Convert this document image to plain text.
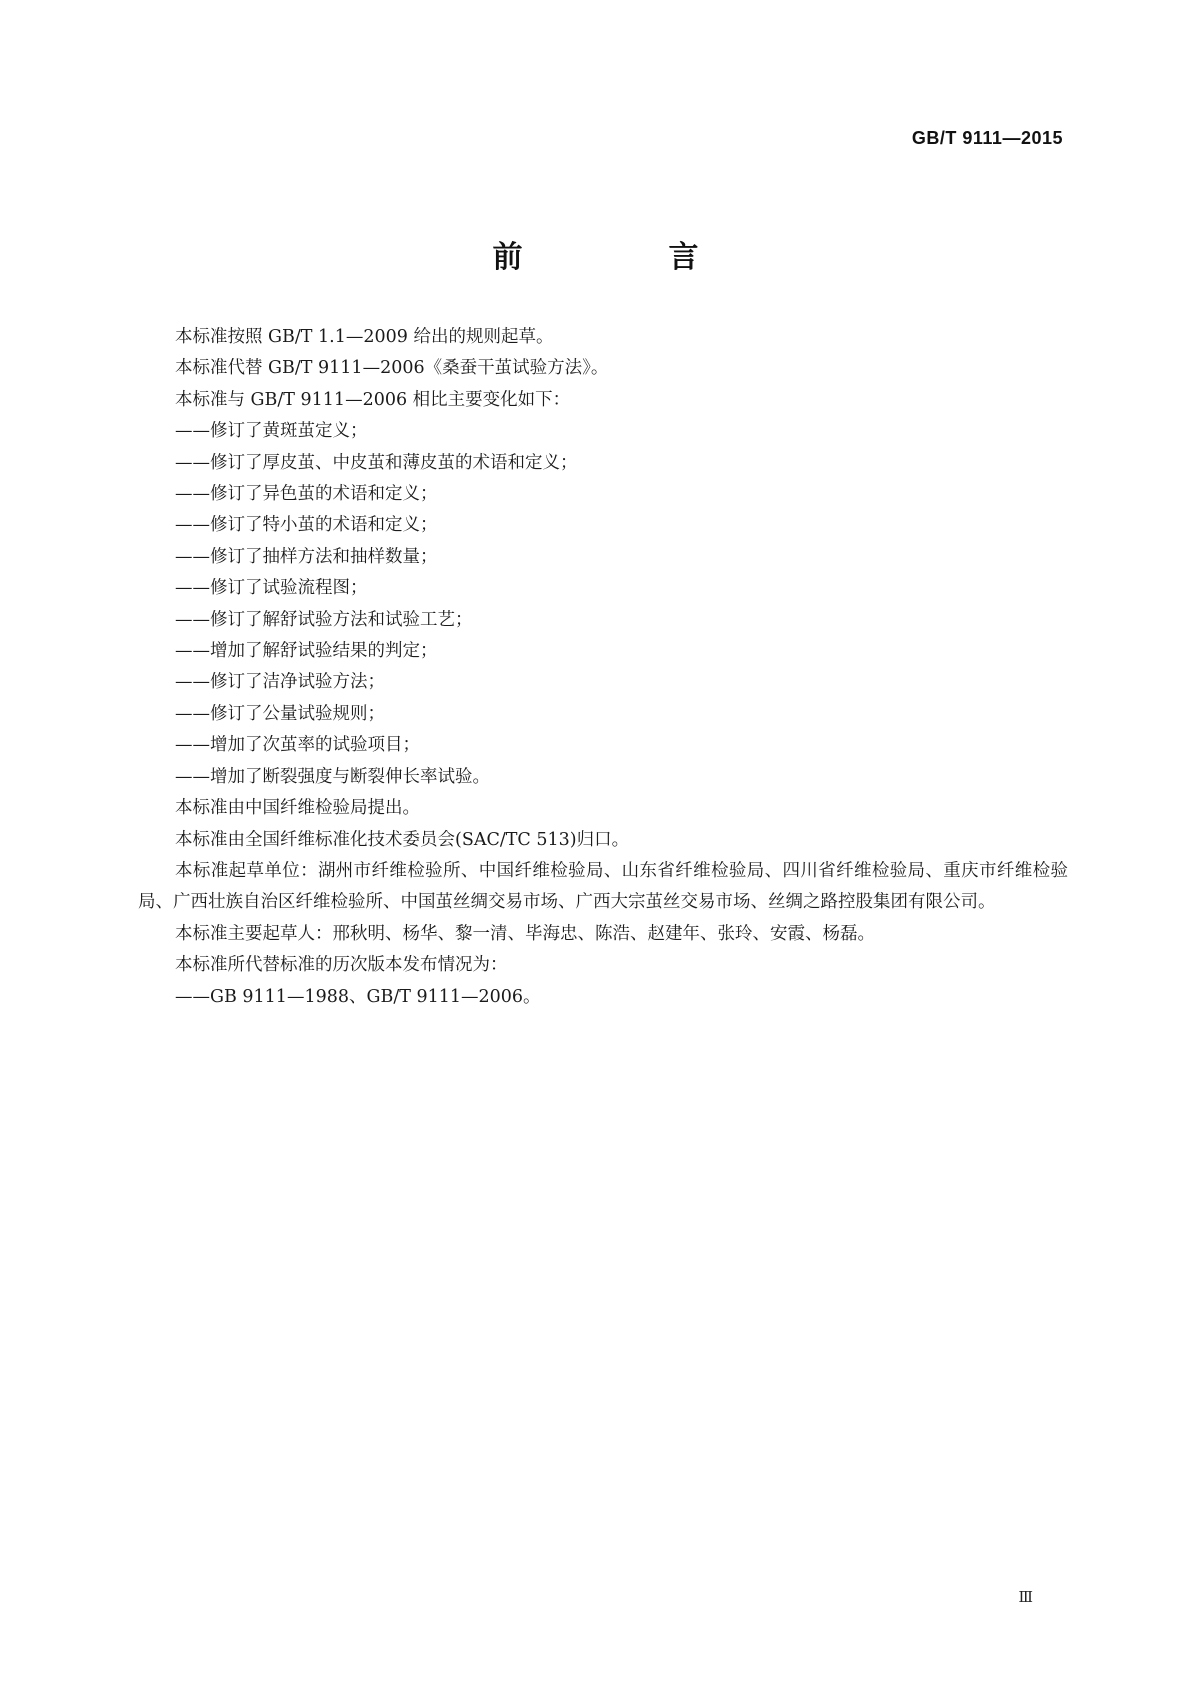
GB/T 9111—2015
前　言

本标准按照 GB/T 1.1—2009 给出的规则起草。

本标准代替 GB/T 9111—2006《桑蚕干茧试验方法》。

本标准与 GB/T 9111—2006 相比主要变化如下：

——修订了黄斑茧定义；

——修订了厚皮茧、中皮茧和薄皮茧的术语和定义；

——修订了异色茧的术语和定义；

——修订了特小茧的术语和定义；

——修订了抽样方法和抽样数量；

——修订了试验流程图；

——修订了解舒试验方法和试验工艺；

——增加了解舒试验结果的判定；

——修订了洁净试验方法；

——修订了公量试验规则；

——增加了次茧率的试验项目；

——增加了断裂强度与断裂伸长率试验。

本标准由中国纤维检验局提出。

本标准由全国纤维标准化技术委员会(SAC/TC 513)归口。

本标准起草单位：湖州市纤维检验所、中国纤维检验局、山东省纤维检验局、四川省纤维检验局、重庆市纤维检验局、广西壮族自治区纤维检验所、中国茧丝绸交易市场、广西大宗茧丝交易市场、丝绸之路控股集团有限公司。

本标准主要起草人：邢秋明、杨华、黎一清、毕海忠、陈浩、赵建年、张玲、安霞、杨磊。

本标准所代替标准的历次版本发布情况为：

——GB 9111—1988、GB/T 9111—2006。

Ⅲ
